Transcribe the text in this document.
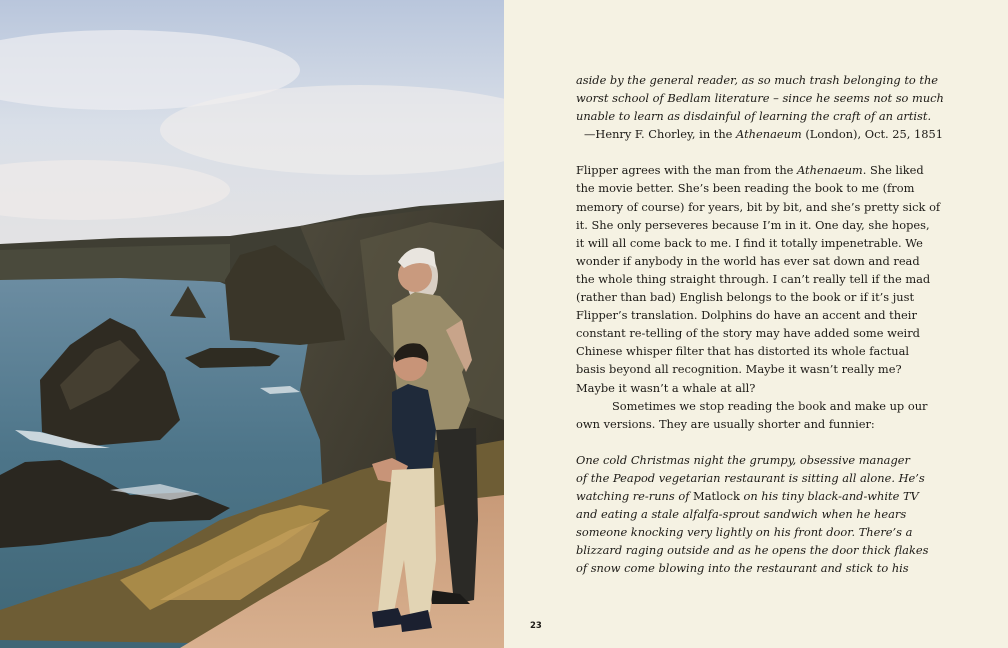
aside by the general reader, as so much trash belonging to the
worst school of Bedlam literature – since he seems not so much
unable to learn as disdainful of learning the craft of an artist.
—Henry F. Chorley, in the Athenaeum (London), Oct. 25, 1851
Flipper agrees with the man from the Athenaeum. She liked
the movie better. She’s been reading the book to me (from
memory of course) for years, bit by bit, and she’s pretty sick of
it. She only perseveres because I’m in it. One day, she hopes,
it will all come back to me. I find it totally impenetrable. We
wonder if anybody in the world has ever sat down and read
the whole thing straight through. I can’t really tell if the mad
(rather than bad) English belongs to the book or if it’s just
Flipper’s translation. Dolphins do have an accent and their
constant re-telling of the story may have added some weird
Chinese whisper filter that has distorted its whole factual
basis beyond all recognition. Maybe it wasn’t really me?
Maybe it wasn’t a whale at all?
Sometimes we stop reading the book and make up our
own versions. They are usually shorter and funnier:
One cold Christmas night the grumpy, obsessive manager
of the Peapod vegetarian restaurant is sitting all alone. He’s
watching re-runs of Matlock on his tiny black-and-white TV
and eating a stale alfalfa-sprout sandwich when he hears
someone knocking very lightly on his front door. There’s a
blizzard raging outside and as he opens the door thick flakes
of snow come blowing into the restaurant and stick to his
23
